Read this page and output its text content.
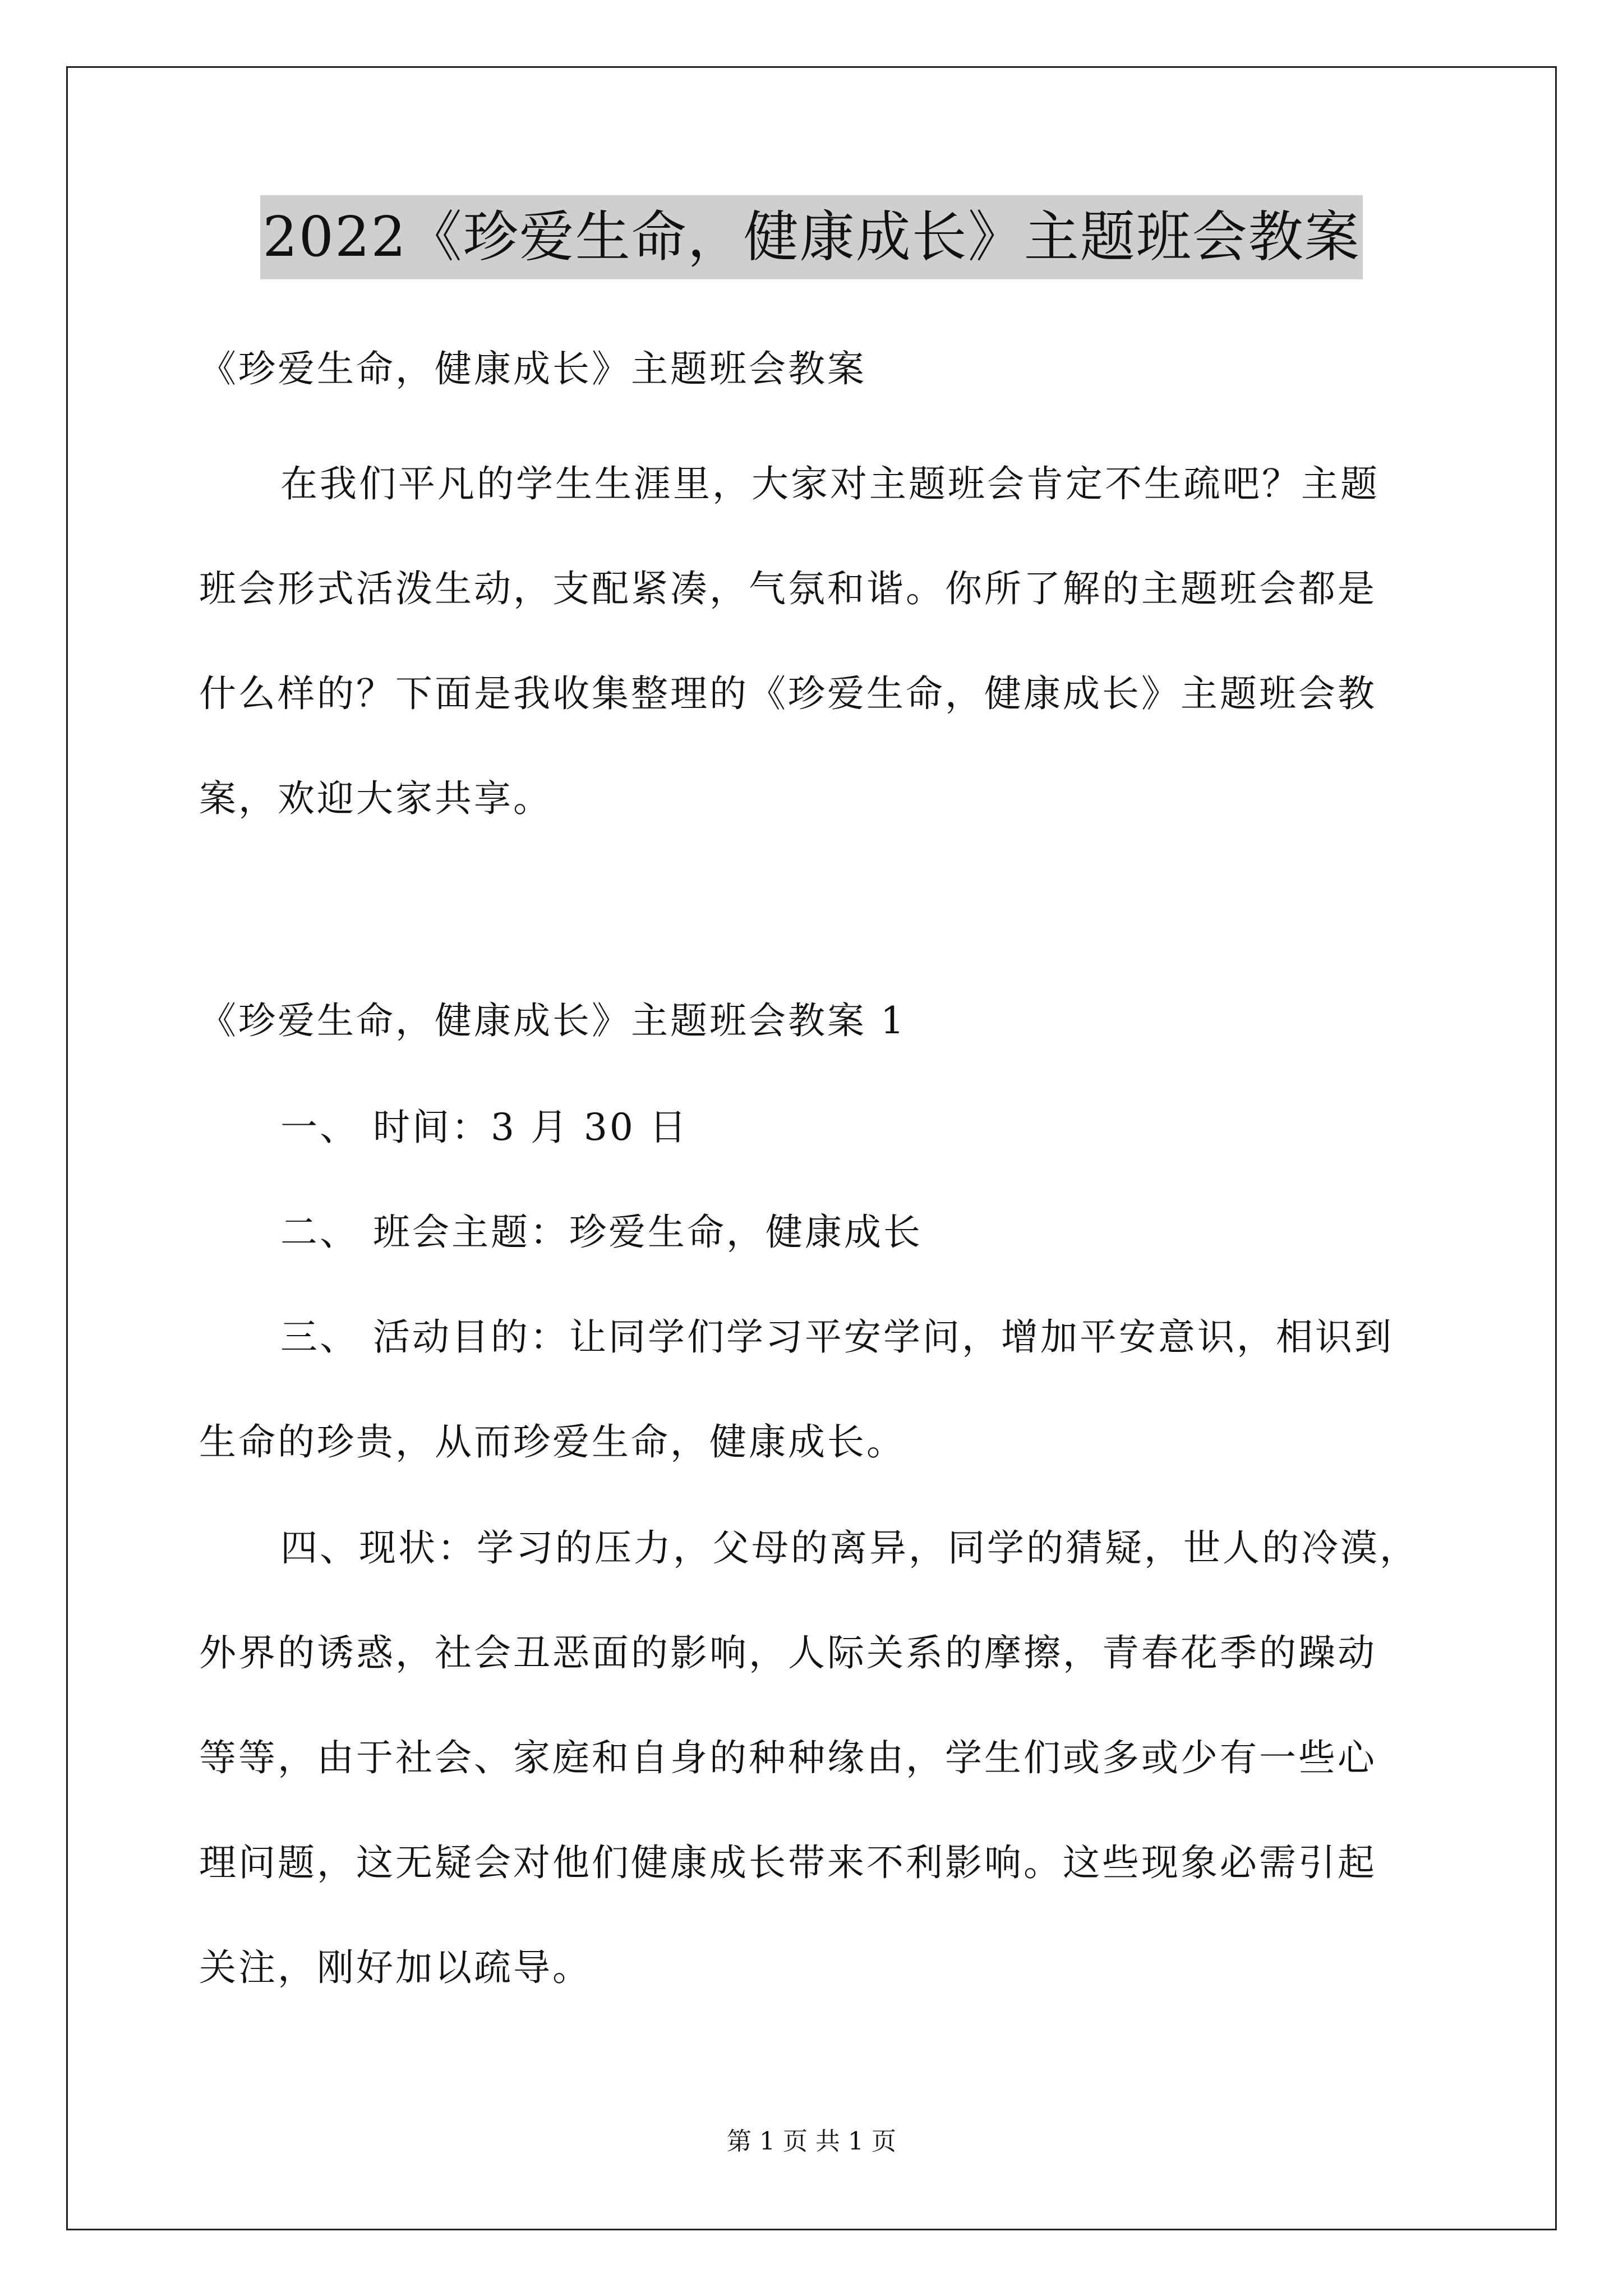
2022《珍爱生命，健康成长》主题班会教案

《珍爱生命，健康成长》主题班会教案

在我们平凡的学生生涯里，大家对主题班会肯定不生疏吧？主题

班会形式活泼生动，支配紧凑，气氛和谐。你所了解的主题班会都是

什么样的？下面是我收集整理的《珍爱生命，健康成长》主题班会教

案，欢迎大家共享。

《珍爱生命，健康成长》主题班会教案 1

一、 时间：3 月 30 日

二、 班会主题：珍爱生命，健康成长

三、 活动目的：让同学们学习平安学问，增加平安意识，相识到

生命的珍贵，从而珍爱生命，健康成长。

四、现状：学习的压力，父母的离异，同学的猜疑，世人的冷漠，

外界的诱惑，社会丑恶面的影响，人际关系的摩擦，青春花季的躁动

等等，由于社会、家庭和自身的种种缘由，学生们或多或少有一些心

理问题，这无疑会对他们健康成长带来不利影响。这些现象必需引起

关注，刚好加以疏导。

第 1 页 共 1 页
